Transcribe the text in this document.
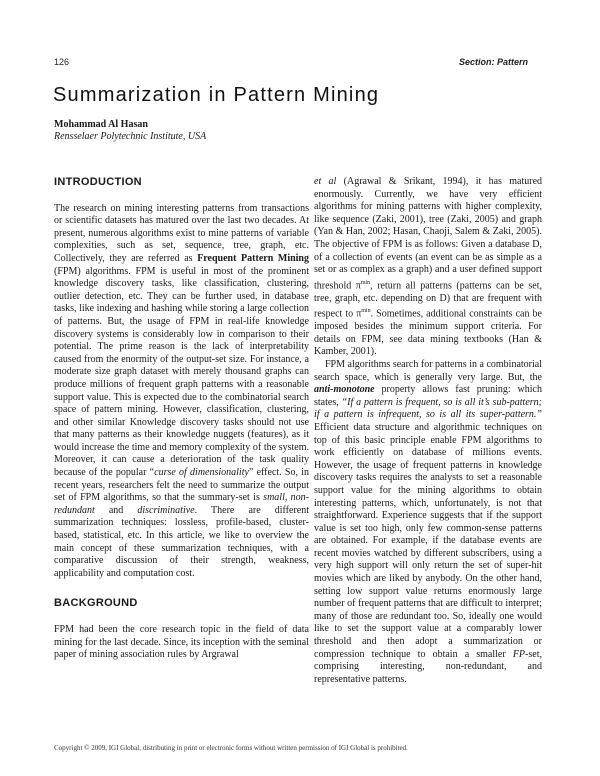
126	Section: Pattern
Summarization in Pattern Mining
Mohammad Al Hasan
Rensselaer Polytechnic Institute, USA
INTRODUCTION

The research on mining interesting patterns from transactions or scientific datasets has matured over the last two decades. At present, numerous algorithms exist to mine patterns of variable complexities, such as set, sequence, tree, graph, etc. Collectively, they are referred as Frequent Pattern Mining (FPM) algorithms. FPM is useful in most of the prominent knowledge discovery tasks, like classification, clustering, outlier detection, etc. They can be further used, in database tasks, like indexing and hashing while storing a large collection of patterns. But, the usage of FPM in real-life knowledge discovery systems is considerably low in comparison to their potential. The prime reason is the lack of interpretability caused from the enormity of the output-set size. For instance, a moderate size graph dataset with merely thousand graphs can produce millions of frequent graph patterns with a reasonable support value. This is expected due to the combinatorial search space of pattern mining. However, classification, clustering, and other similar Knowledge discovery tasks should not use that many patterns as their knowledge nuggets (features), as it would increase the time and memory complexity of the system. Moreover, it can cause a deterioration of the task quality because of the popular “curse of dimensionality” effect. So, in recent years, researchers felt the need to summarize the output set of FPM algorithms, so that the summary-set is small, non-redundant and discriminative. There are different summarization techniques: lossless, profile-based, cluster-based, statistical, etc. In this article, we like to overview the main concept of these summarization techniques, with a comparative discussion of their strength, weakness, applicability and computation cost.

BACKGROUND

FPM had been the core research topic in the field of data mining for the last decade. Since, its inception with the seminal paper of mining association rules by Argrawal

et al (Agrawal & Srikant, 1994), it has matured enormously. Currently, we have very efficient algorithms for mining patterns with higher complexity, like sequence (Zaki, 2001), tree (Zaki, 2005) and graph (Yan & Han, 2002; Hasan, Chaoji, Salem & Zaki, 2005). The objective of FPM is as follows: Given a database D, of a collection of events (an event can be as simple as a set or as complex as a graph) and a user defined support threshold $\pi^{min}$, return all patterns (patterns can be set, tree, graph, etc. depending on D) that are frequent with respect to $\pi^{min}$. Sometimes, additional constraints can be imposed besides the minimum support criteria. For details on FPM, see data mining textbooks (Han & Kamber, 2001).

FPM algorithms search for patterns in a combinatorial search space, which is generally very large. But, the anti-monotone property allows fast pruning: which states, “If a pattern is frequent, so is all it’s sub-pattern; if a pattern is infrequent, so is all its super-pattern.” Efficient data structure and algorithmic techniques on top of this basic principle enable FPM algorithms to work efficiently on database of millions events. However, the usage of frequent patterns in knowledge discovery tasks requires the analysts to set a reasonable support value for the mining algorithms to obtain interesting patterns, which, unfortunately, is not that straightforward. Experience suggests that if the support value is set too high, only few common-sense patterns are obtained. For example, if the database events are recent movies watched by different subscribers, using a very high support will only return the set of super-hit movies which are liked by anybody. On the other hand, setting low support value returns enormously large number of frequent patterns that are difficult to interpret; many of those are redundant too. So, ideally one would like to set the support value at a comparably lower threshold and then adopt a summarization or compression technique to obtain a smaller FP-set, comprising interesting, non-redundant, and representative patterns.

Copyright © 2009, IGI Global, distributing in print or electronic forms without written permission of IGI Global is prohibited.
